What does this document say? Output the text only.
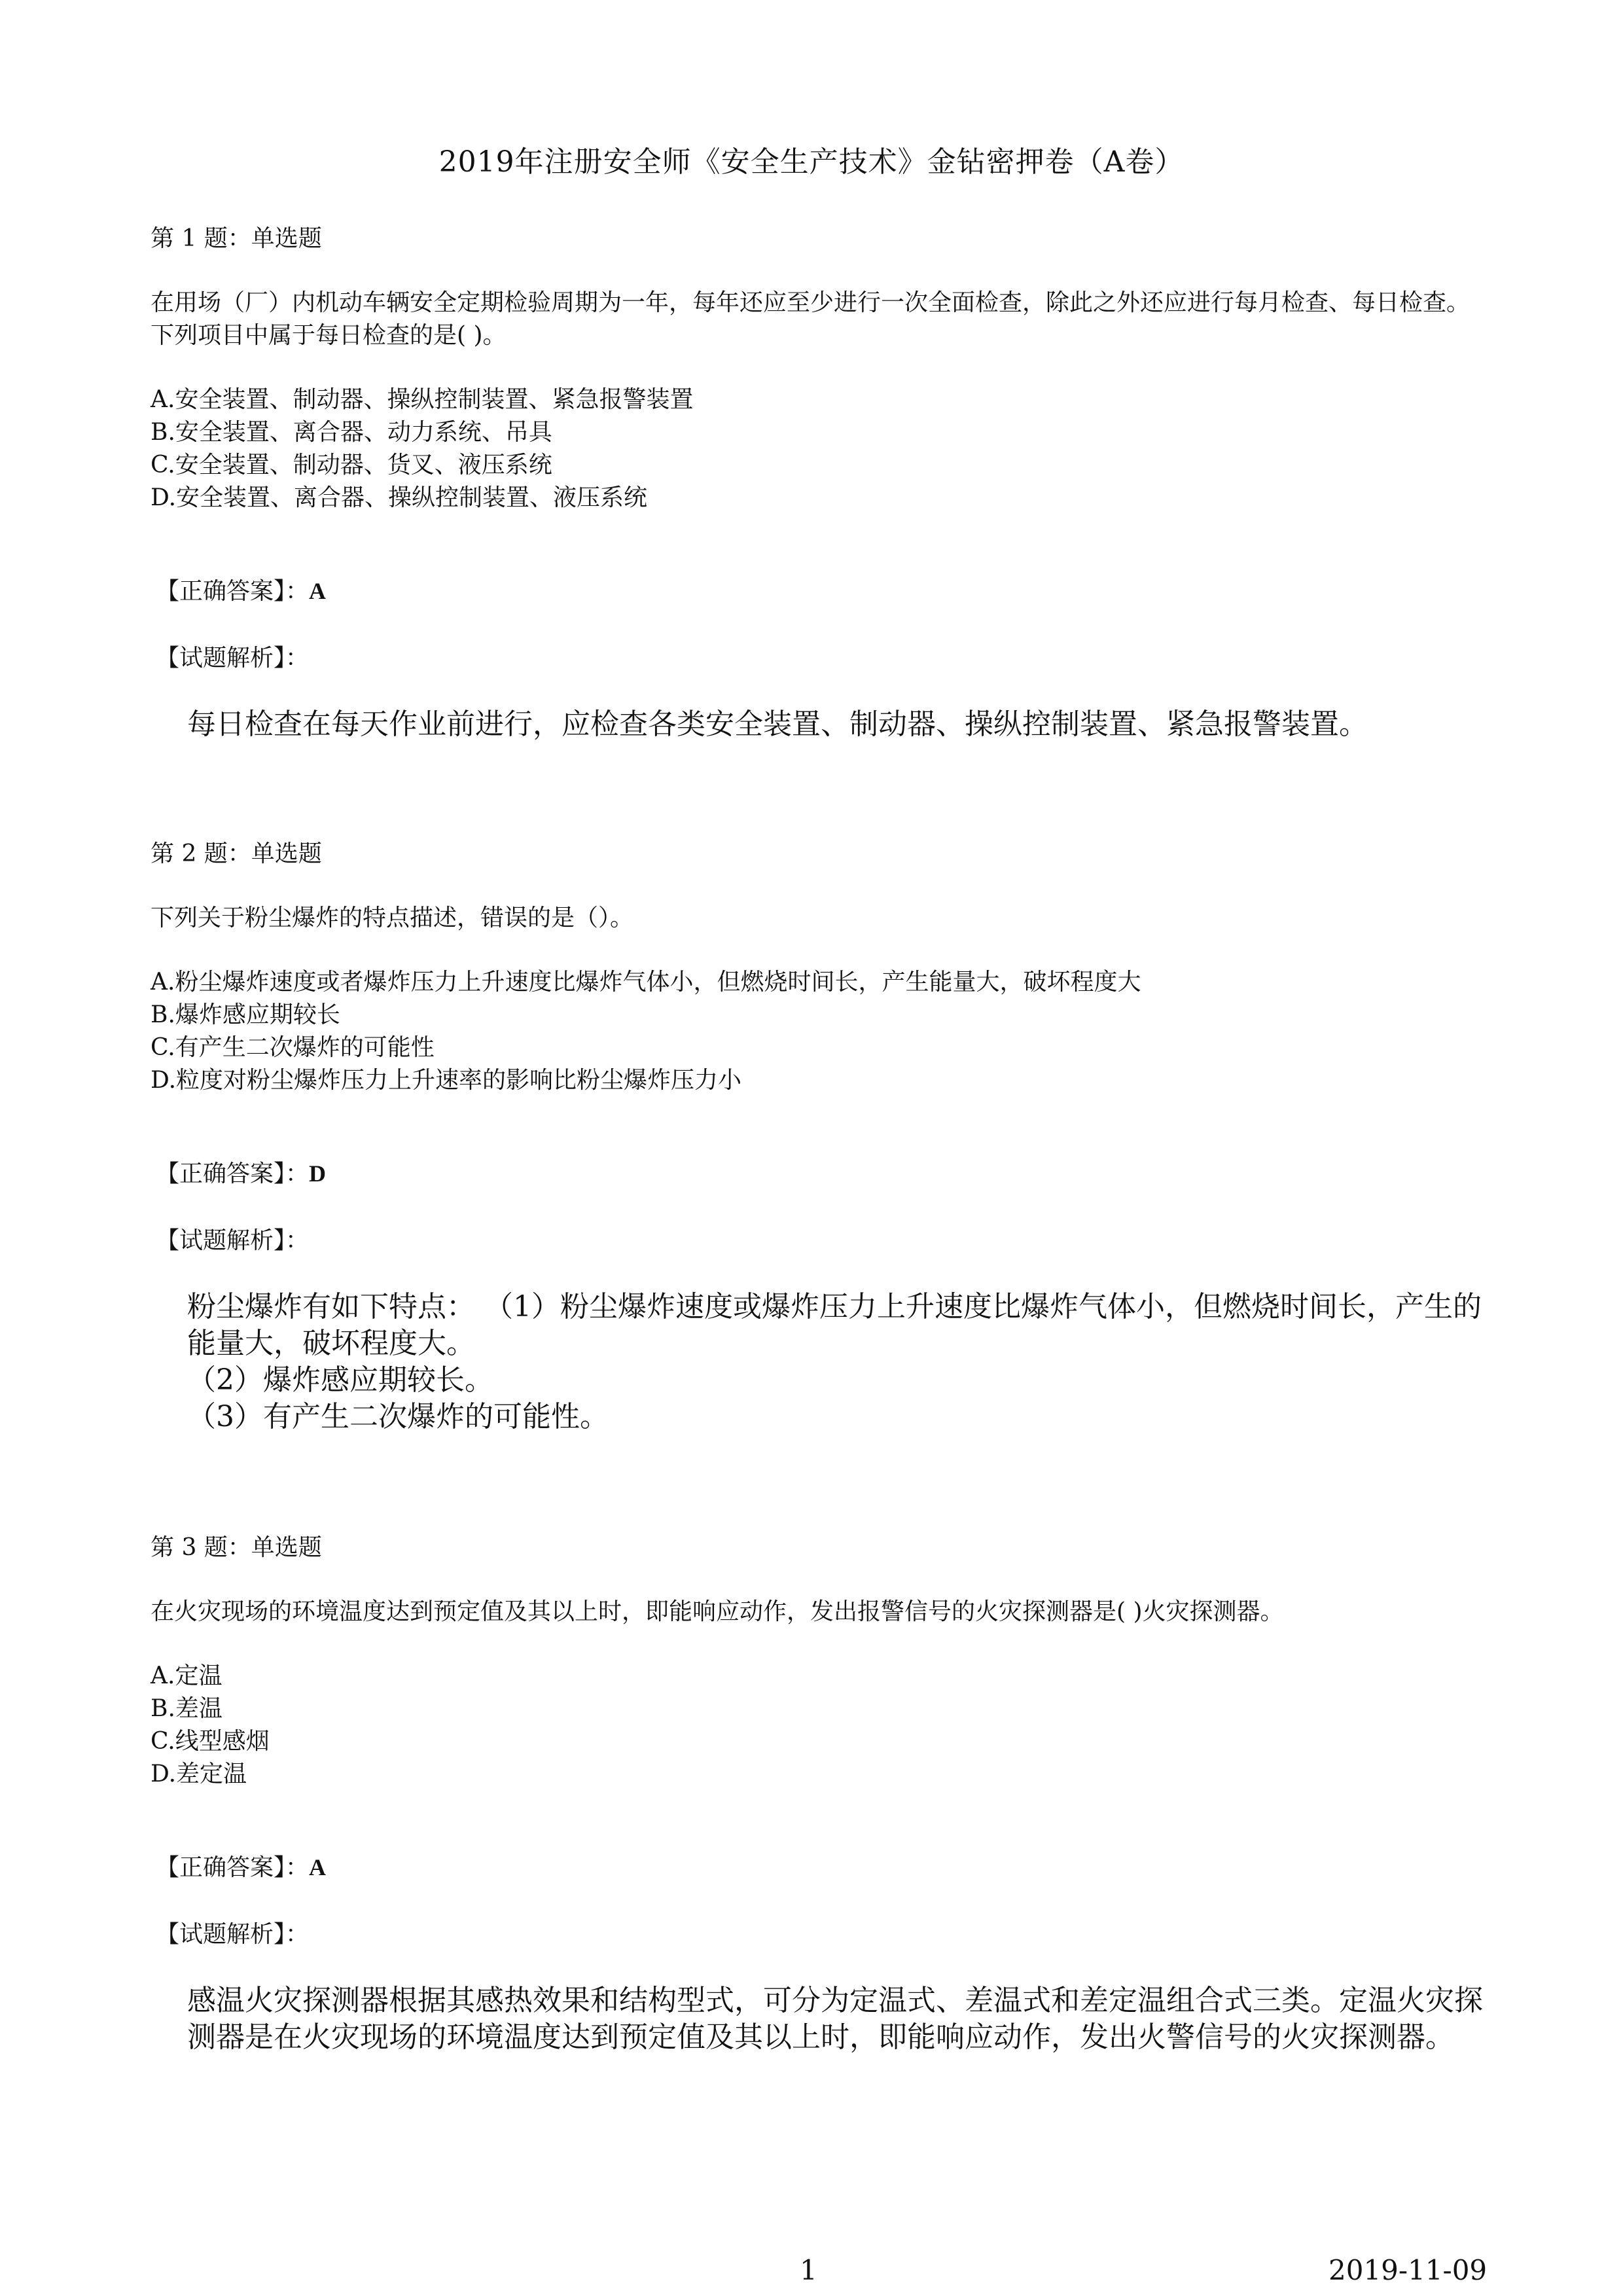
2019年注册安全师《安全生产技术》金钻密押卷（A卷）

第 1 题：单选题

在用场（厂）内机动车辆安全定期检验周期为一年，每年还应至少进行一次全面检查，除此之外还应进行每月检查、每日检查。下列项目中属于每日检查的是( )。

A.安全装置、制动器、操纵控制装置、紧急报警装置
B.安全装置、离合器、动力系统、吊具
C.安全装置、制动器、货叉、液压系统
D.安全装置、离合器、操纵控制装置、液压系统

【正确答案】：A

【试题解析】：

每日检查在每天作业前进行，应检查各类安全装置、制动器、操纵控制装置、紧急报警装置。

第 2 题：单选题

下列关于粉尘爆炸的特点描述，错误的是（）。

A.粉尘爆炸速度或者爆炸压力上升速度比爆炸气体小，但燃烧时间长，产生能量大，破坏程度大
B.爆炸感应期较长
C.有产生二次爆炸的可能性
D.粒度对粉尘爆炸压力上升速率的影响比粉尘爆炸压力小

【正确答案】：D

【试题解析】：

粉尘爆炸有如下特点： （1）粉尘爆炸速度或爆炸压力上升速度比爆炸气体小，但燃烧时间长，产生的能量大，破坏程度大。

（2）爆炸感应期较长。

（3）有产生二次爆炸的可能性。

第 3 题：单选题

在火灾现场的环境温度达到预定值及其以上时，即能响应动作，发出报警信号的火灾探测器是( )火灾探测器。

A.定温
B.差温
C.线型感烟
D.差定温

【正确答案】：A

【试题解析】：

感温火灾探测器根据其感热效果和结构型式，可分为定温式、差温式和差定温组合式三类。定温火灾探测器是在火灾现场的环境温度达到预定值及其以上时，即能响应动作，发出火警信号的火灾探测器。

1	2019-11-09
